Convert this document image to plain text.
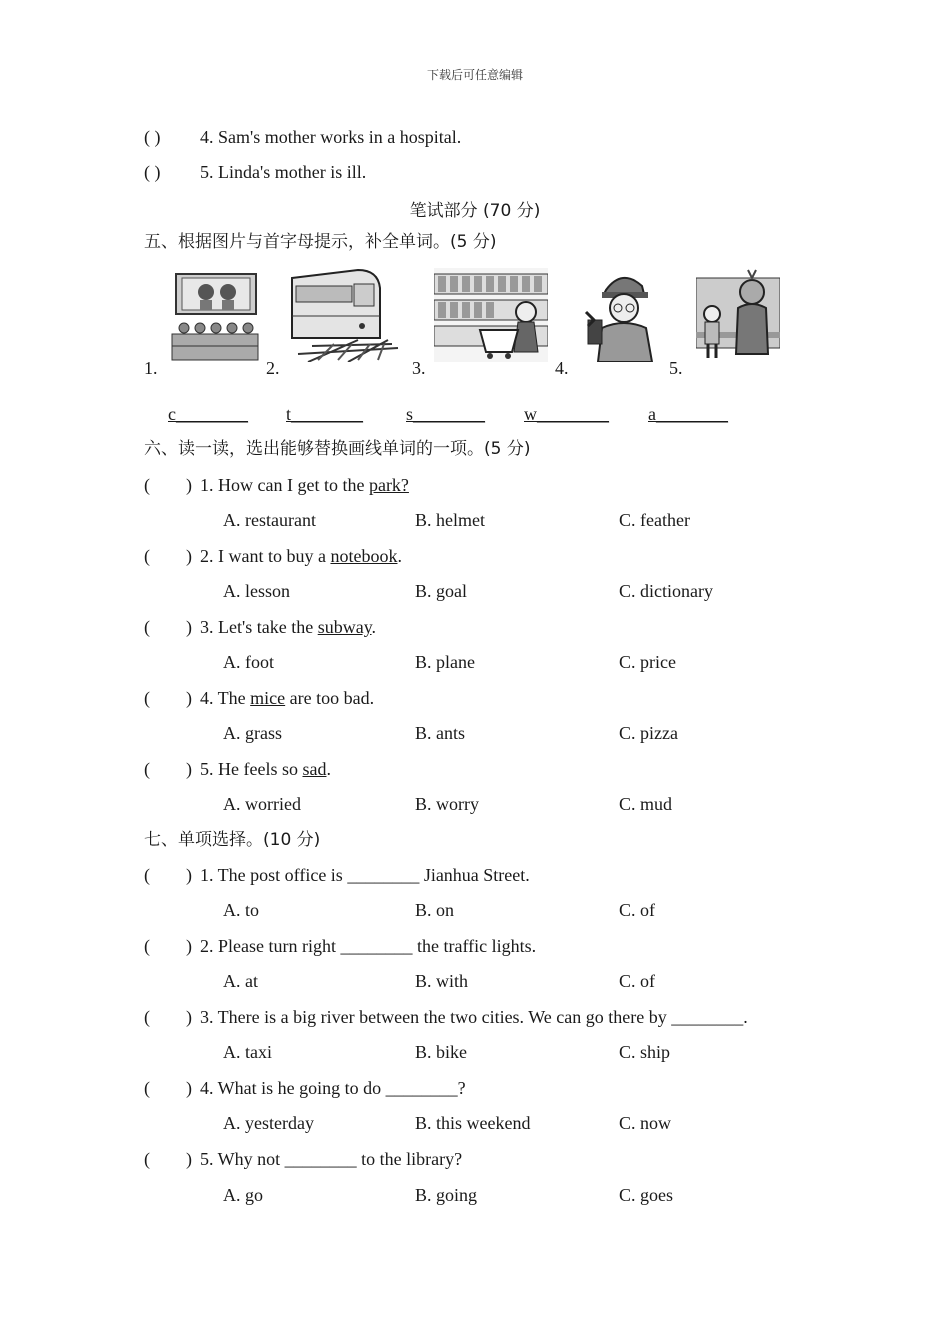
下载后可任意编辑
( ) 4. Sam's mother works in a hospital.
( ) 5. Linda's mother is ill.
笔试部分 (70 分)
五、根据图片与首字母提示，补全单词。(5 分)
1.	2.	3.	4.	5.
c________ t________ s________ w________ a________
六、读一读，选出能够替换画线单词的一项。(5 分)
(        ) 1. How can I get to the park?
A. restaurant	B. helmet	C. feather
(        ) 2. I want to buy a notebook.
A. lesson	B. goal	C. dictionary
(        ) 3. Let's take the subway.
A. foot	B. plane	C. price
(        ) 4. The mice are too bad.
A. grass	B. ants	C. pizza
(        ) 5. He feels so sad.
A. worried	B. worry	C. mud
七、单项选择。(10 分)
(        ) 1. The post office is ________ Jianhua Street.
A. to	B. on	C. of
(        ) 2. Please turn right ________ the traffic lights.
A. at	B. with	C. of
(        ) 3. There is a big river between the two cities. We can go there by ________.
A. taxi	B. bike	C. ship
(        ) 4. What is he going to do ________?
A. yesterday	B. this weekend	C. now
(        ) 5. Why not ________ to the library?
A. go	B. going	C. goes
